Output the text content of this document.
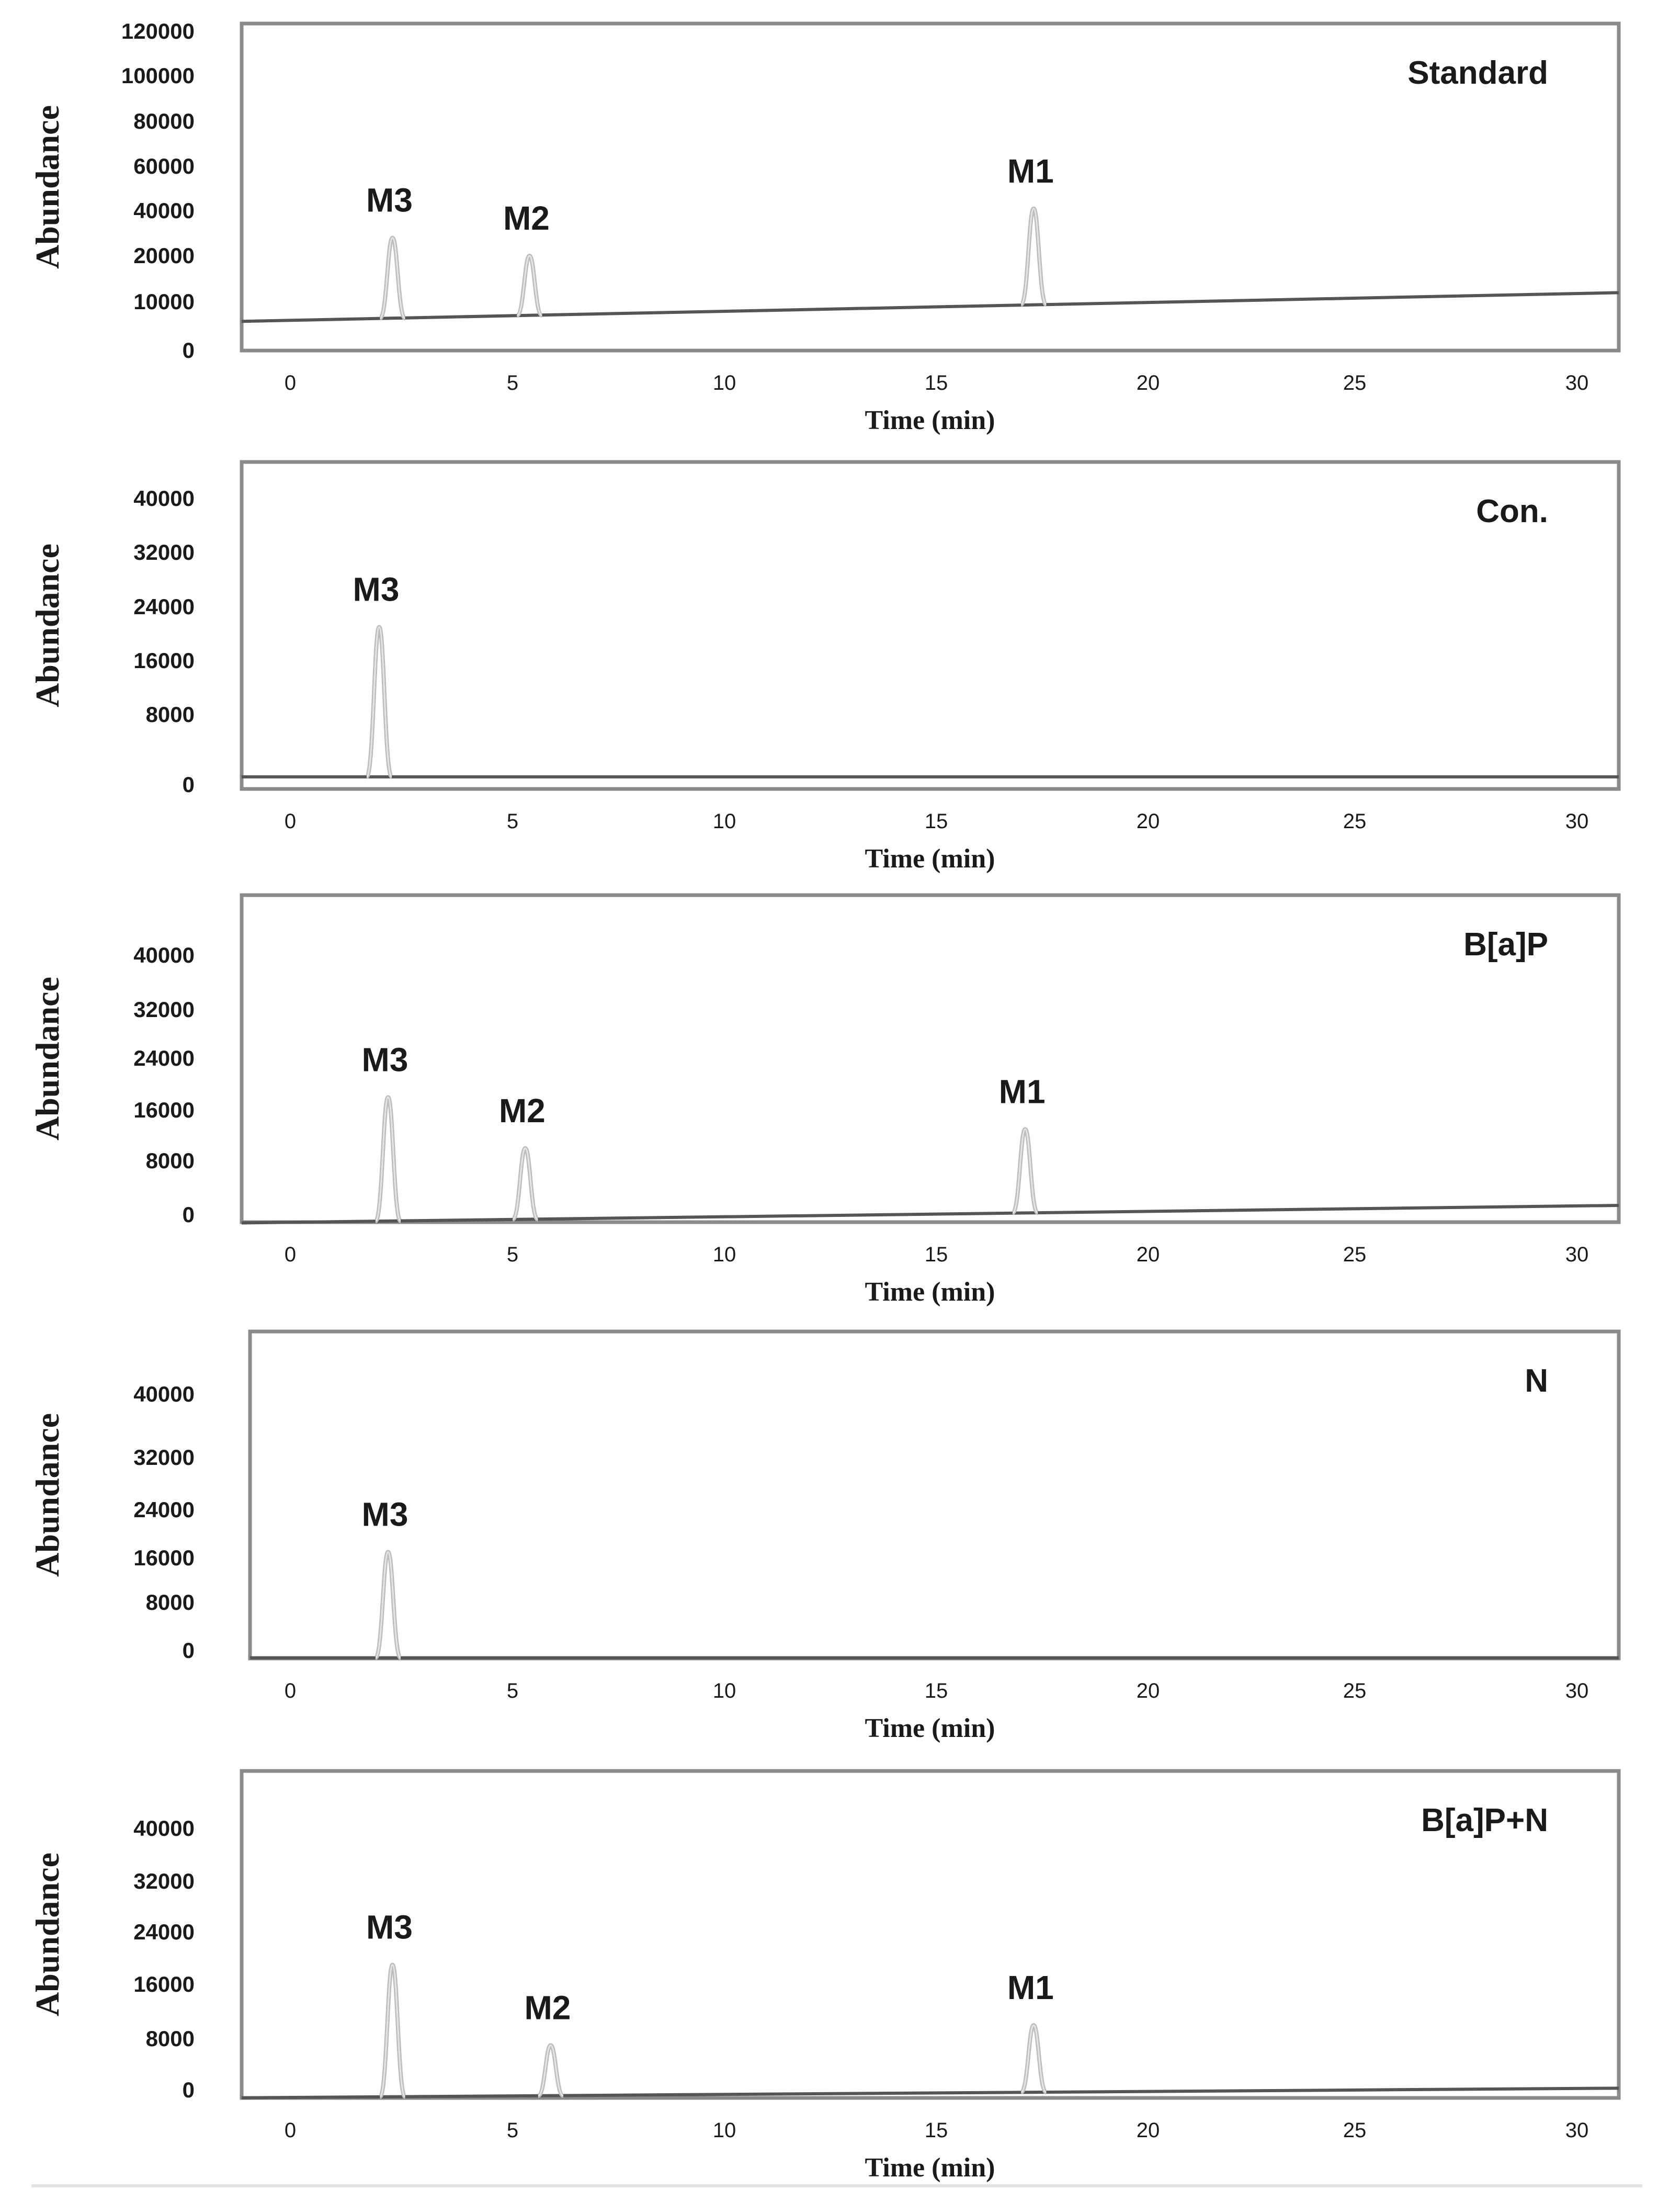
0
10000
20000
40000
60000
80000
100000
120000
0	5	10	15	20	25	30
Time (min)
Abundance
Standard
M3	M2
M1
0
8000
16000
24000
32000
40000
0	5	10	15	20	25	30
Time (min)
Abundance
Con.
M3
0
8000
16000
24000
32000
40000
0	5	10	15	20	25	30
Time (min)
Abundance
B[a]P
M3
M2
M1
0
8000
16000
24000
32000
40000
0	5	10	15	20	25	30
Time (min)
Abundance
N
M3
0
8000
16000
24000
32000
40000
0	5	10	15	20	25	30
Time (min)
Abundance
B[a]P+N
M3
M2
M1
